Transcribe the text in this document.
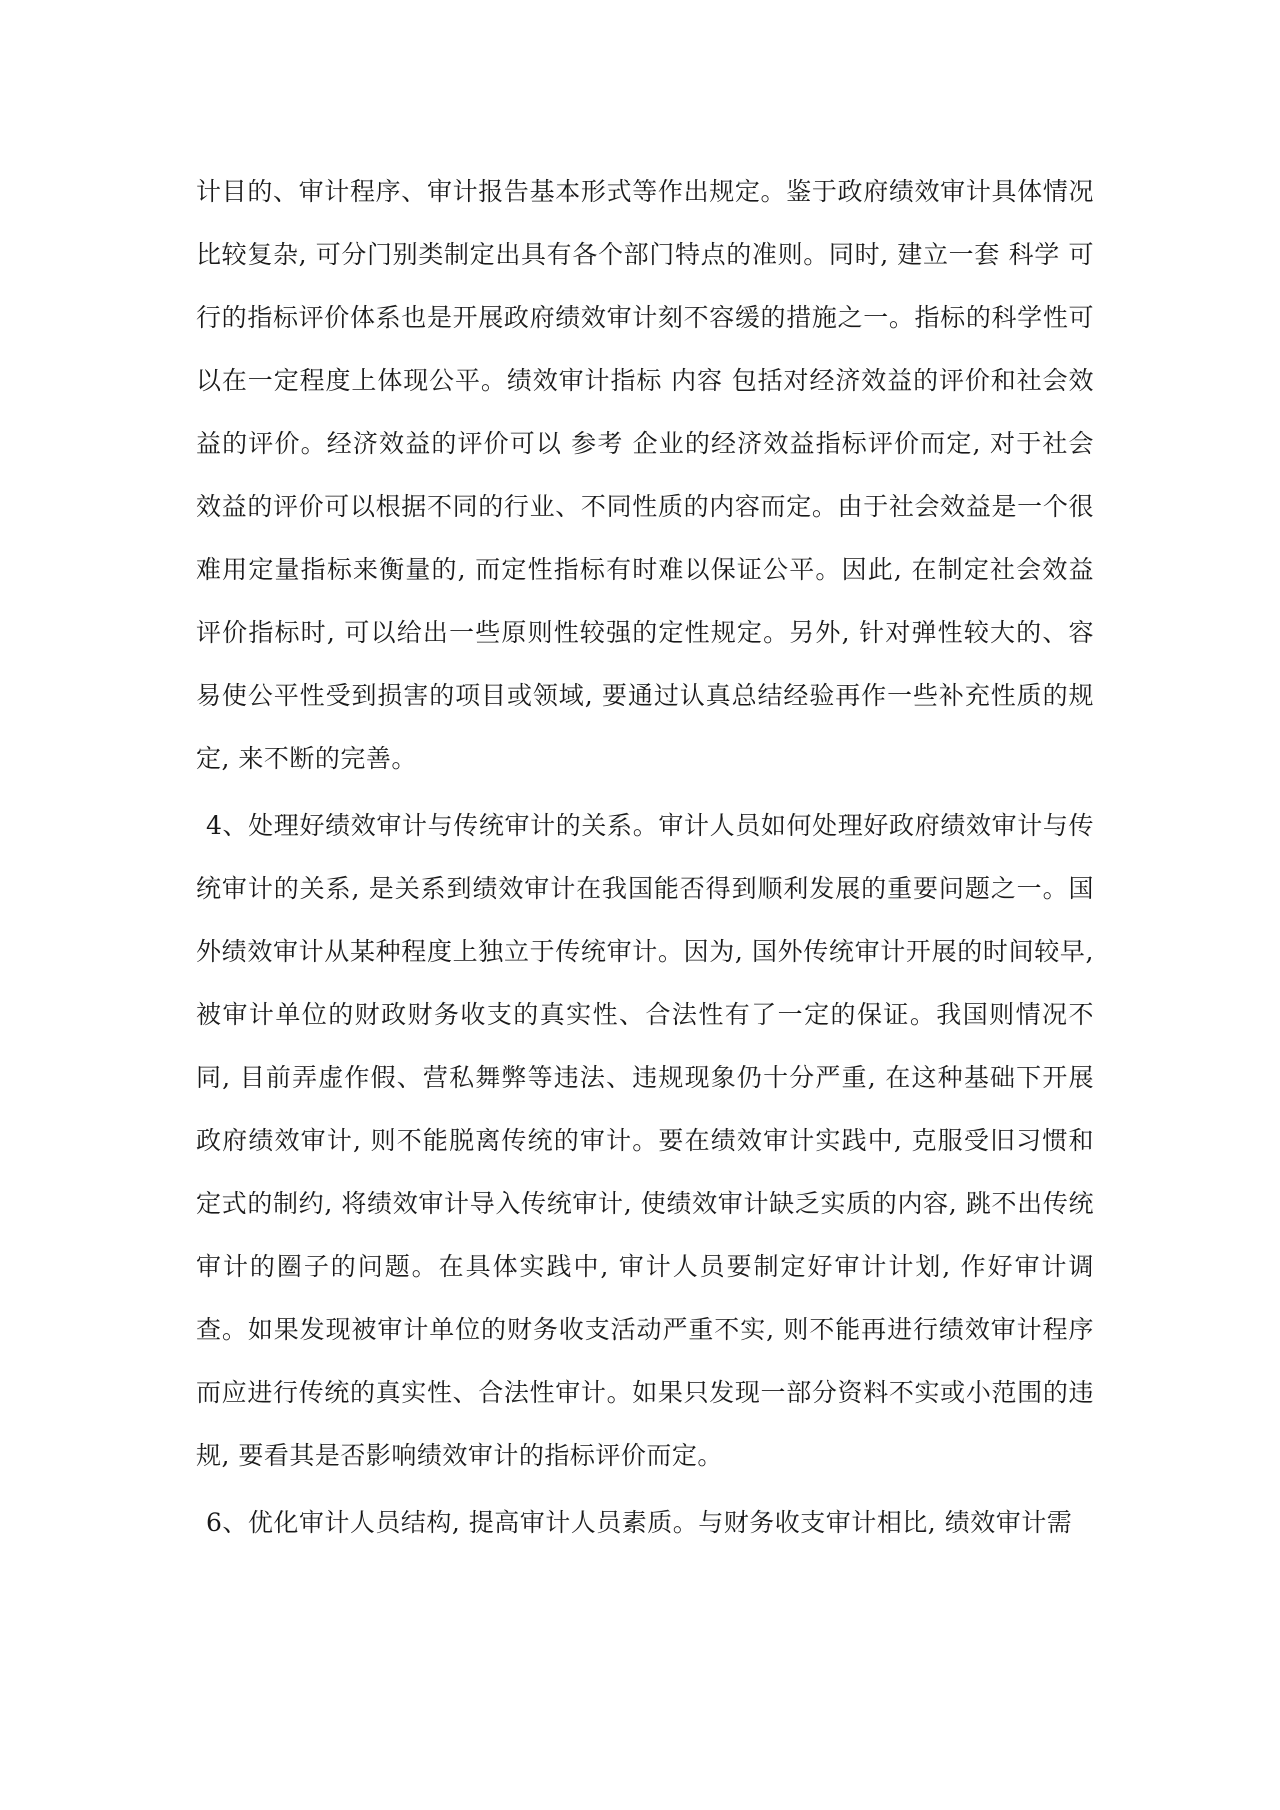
计目的、审计程序、审计报告基本形式等作出规定。鉴于政府绩效审计具体情况比较复杂, 可分门别类制定出具有各个部门特点的准则。同时, 建立一套 科学 可行的指标评价体系也是开展政府绩效审计刻不容缓的措施之一。指标的科学性可以在一定程度上体现公平。绩效审计指标 内容 包括对经济效益的评价和社会效益的评价。经济效益的评价可以 参考 企业的经济效益指标评价而定, 对于社会效益的评价可以根据不同的行业、不同性质的内容而定。由于社会效益是一个很难用定量指标来衡量的, 而定性指标有时难以保证公平。因此, 在制定社会效益评价指标时, 可以给出一些原则性较强的定性规定。另外, 针对弹性较大的、容易使公平性受到损害的项目或领域, 要通过认真总结经验再作一些补充性质的规定, 来不断的完善。

4、处理好绩效审计与传统审计的关系。审计人员如何处理好政府绩效审计与传统审计的关系, 是关系到绩效审计在我国能否得到顺利发展的重要问题之一。国外绩效审计从某种程度上独立于传统审计。因为, 国外传统审计开展的时间较早, 被审计单位的财政财务收支的真实性、合法性有了一定的保证。我国则情况不同, 目前弄虚作假、营私舞弊等违法、违规现象仍十分严重, 在这种基础下开展政府绩效审计, 则不能脱离传统的审计。要在绩效审计实践中, 克服受旧习惯和定式的制约, 将绩效审计导入传统审计, 使绩效审计缺乏实质的内容, 跳不出传统审计的圈子的问题。在具体实践中, 审计人员要制定好审计计划, 作好审计调查。如果发现被审计单位的财务收支活动严重不实, 则不能再进行绩效审计程序而应进行传统的真实性、合法性审计。如果只发现一部分资料不实或小范围的违规, 要看其是否影响绩效审计的指标评价而定。

6、优化审计人员结构, 提高审计人员素质。与财务收支审计相比, 绩效审计需
